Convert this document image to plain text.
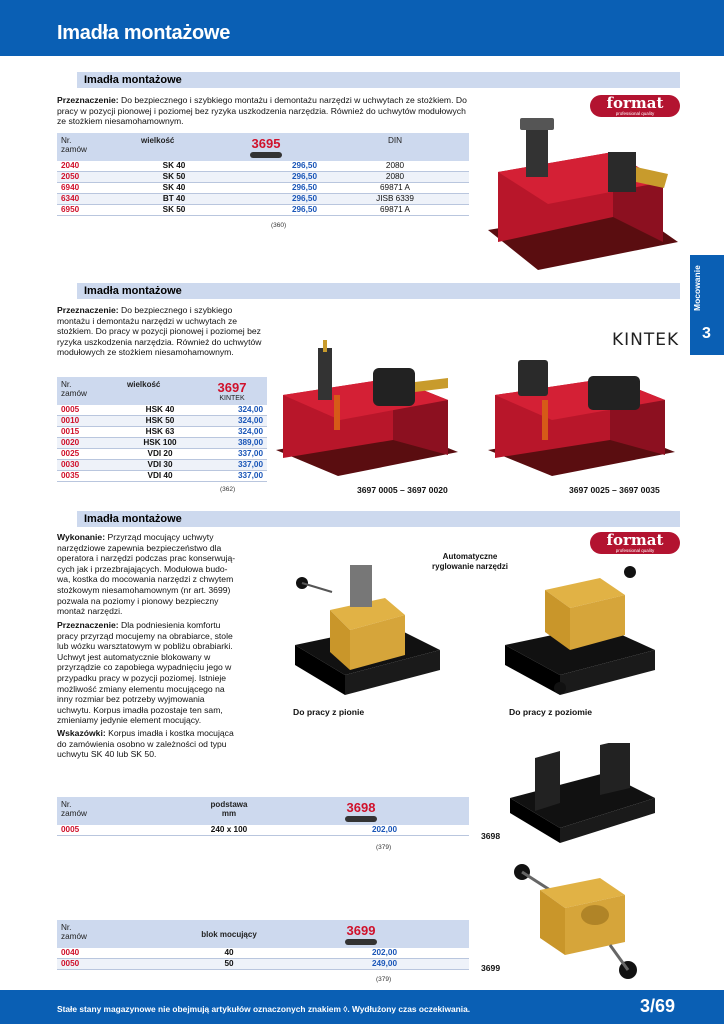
Imadła montażowe
Mocowanie
3
Imadła montażowe
Przeznaczenie: Do bezpiecznego i szybkiego montażu i demontażu narzędzi w uchwytach ze stożkiem. Do pracy w pozycji pionowej i poziomej bez ryzyka uszkodzenia narzędzia. Również do uchwytów modułowych ze stożkiem niesamohamownym.
Nr.
zamów	wielkość	3695	DIN
2040	SK 40	296,50	2080
2050	SK 50	296,50	2080
6940	SK 40	296,50	69871 A
6340	BT 40	296,50	JISB 6339
6950	SK 50	296,50	69871 A
(360)
format
professional quality
Imadła montażowe
Przeznaczenie: Do bezpiecznego i szybkiego montażu i demontażu narzędzi w uchwytach ze stożkiem. Do pracy w pozycji pionowej i poziomej bez ryzyka uszkodzenia narzędzia. Również do uchwytów modułowych ze stożkiem niesamohamownym.
KINTEK
Nr.
zamów	wielkość	3697
KINTEK

0005	HSK 40	324,00
0010	HSK 50	324,00
0015	HSK 63	324,00
0020	HSK 100	389,00
0025	VDI 20	337,00
0030	VDI 30	337,00
0035	VDI 40	337,00
(362)	3697 0005 – 3697 0020	3697 0025 – 3697 0035
Imadła montażowe
Wykonanie: Przyrząd mocujący uchwyty
narzędziowe zapewnia bezpieczeństwo dla
operatora i narzędzi podczas prac konserwują-
cych jak i przezbrajających. Modułowa budo-
wa, kostka do mocowania narzędzi z chwytem
stożkowym niesamohamownym (nr art. 3699)
pozwala na poziomy i pionowy bezpieczny
montaż narzędzi.
Przeznaczenie: Dla podniesienia komfortu
pracy przyrząd mocujemy na obrabiarce, stole
lub wózku warsztatowym w pobliżu obrabiarki.
Uchwyt jest automatycznie blokowany w
przyrządzie co zapobiega wypadnięciu jego w
przypadku pracy w pozycji poziomej. Istnieje
możliwość zmiany elementu mocującego na
inny rozmiar bez potrzeby wyjmowania
uchwytu. Korpus imadła pozostaje ten sam,
zmieniamy jedynie element mocujący.
Wskazówki: Korpus imadła i kostka mocująca
do zamówienia osobno w zależności od typu
uchwytu SK 40 lub SK 50.
format
professional quality
Automatyczne
ryglowanie narzędzi
Do pracy z pionie	Do pracy z poziomie
Nr.
zamów	podstawa
mm	3698	

0005	240 x 100	202,00	
(379)
3698
Nr.
zamów	blok mocujący	3699	

0040	40	202,00	
0050	50	249,00	
(379)
3699
Stałe stany magazynowe nie obejmują artykułów oznaczonych znakiem ◊. Wydłużony czas oczekiwania.	3/69
